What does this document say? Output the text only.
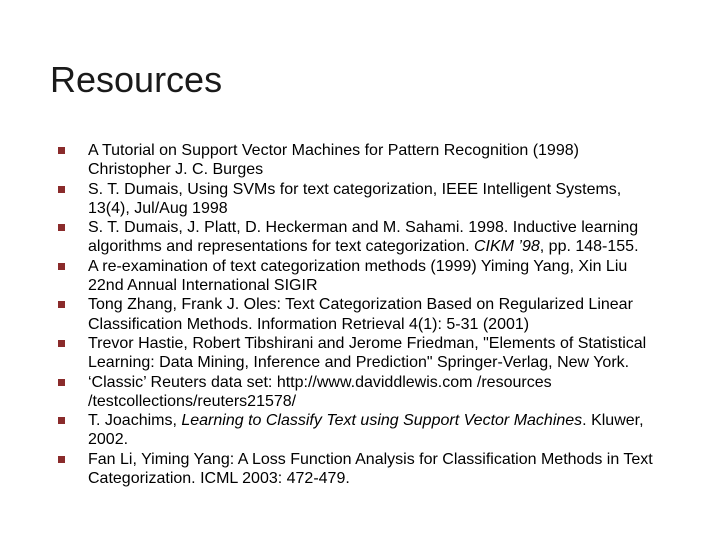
Resources
A Tutorial on Support Vector Machines for Pattern Recognition (1998) Christopher J. C. Burges
S. T. Dumais, Using SVMs for text categorization, IEEE Intelligent Systems, 13(4), Jul/Aug 1998
S. T. Dumais, J. Platt, D. Heckerman and M. Sahami. 1998. Inductive learning algorithms and representations for text categorization. CIKM ’98, pp. 148-155.
A re-examination of text categorization methods (1999) Yiming Yang, Xin Liu 22nd Annual International SIGIR
Tong Zhang, Frank J. Oles: Text Categorization Based on Regularized Linear Classification Methods. Information Retrieval 4(1): 5-31 (2001)
Trevor Hastie, Robert Tibshirani and Jerome Friedman, "Elements of Statistical Learning: Data Mining, Inference and Prediction" Springer-Verlag, New York.
‘Classic’ Reuters data set: http://www.daviddlewis.com /resources /testcollections/reuters21578/
T. Joachims, Learning to Classify Text using Support Vector Machines. Kluwer, 2002.
Fan Li, Yiming Yang: A Loss Function Analysis for Classification Methods in Text Categorization. ICML 2003: 472-479.
